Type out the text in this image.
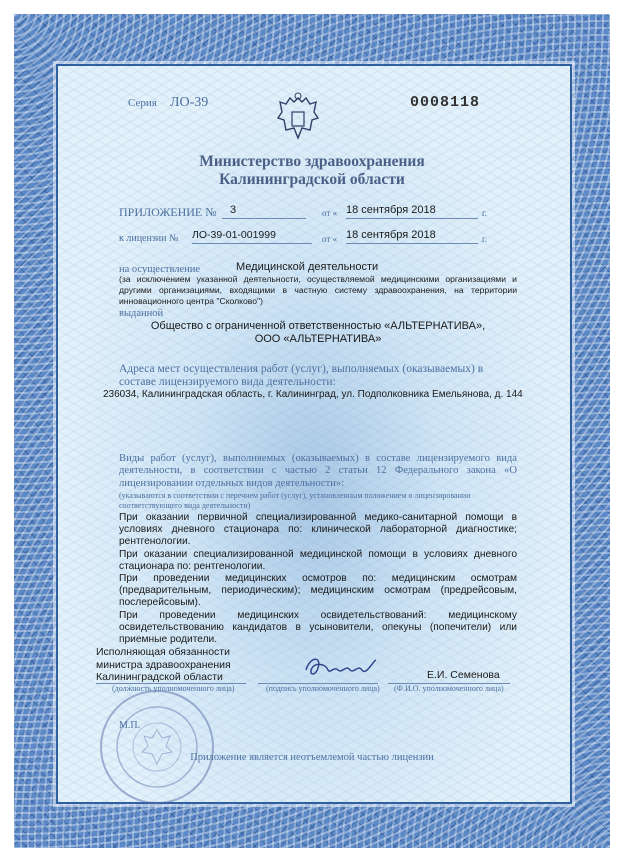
Серия ЛО-39	0008118
Министерство здравоохранения
Калининградской области
ПРИЛОЖЕНИЕ №	3	от « 18 сентября 2018	г.
к лицензии № ЛО-39-01-001999	от « 18 сентября 2018	г.
на осуществление	Медицинской деятельности
(за исключением указанной деятельности, осуществляемой медицинскими организациями и другими организациями, входящими в частную систему здравоохранения, на территории инновационного центра "Сколково")
выданной
Общество с ограниченной ответственностью «АЛЬТЕРНАТИВА»,
ООО «АЛЬТЕРНАТИВА»
Адреса мест осуществления работ (услуг), выполняемых (оказываемых) в составе лицензируемого вида деятельности:
236034, Калининградская область, г. Калининград, ул. Подполковника Емельянова, д. 144
Виды работ (услуг), выполняемых (оказываемых) в составе лицензируемого вида деятельности, в соответствии с частью 2 статьи 12 Федерального закона «О лицензировании отдельных видов деятельности»:
(указываются в соответствии с перечнем работ (услуг), установленным положением о лицензировании соответствующего вида деятельности)
При оказании первичной специализированной медико-санитарной помощи в условиях дневного стационара по: клинической лабораторной диагностике; рентгенологии.
При оказании специализированной медицинской помощи в условиях дневного стационара по: рентгенологии.
При проведении медицинских осмотров по: медицинским осмотрам (предварительным, периодическим); медицинским осмотрам (предрейсовым, послерейсовым).
При проведении медицинских освидетельствований: медицинскому освидетельствованию кандидатов в усыновители, опекуны (попечители) или приемные родители.
Исполняющая обязанности
министра здравоохранения
Калининградской области
(должность уполномоченного лица)	(подпись уполномоченного лица)
Е.И. Семенова
(Ф.И.О. уполномоченного лица)
М.П.
Приложение является неотъемлемой частью лицензии
